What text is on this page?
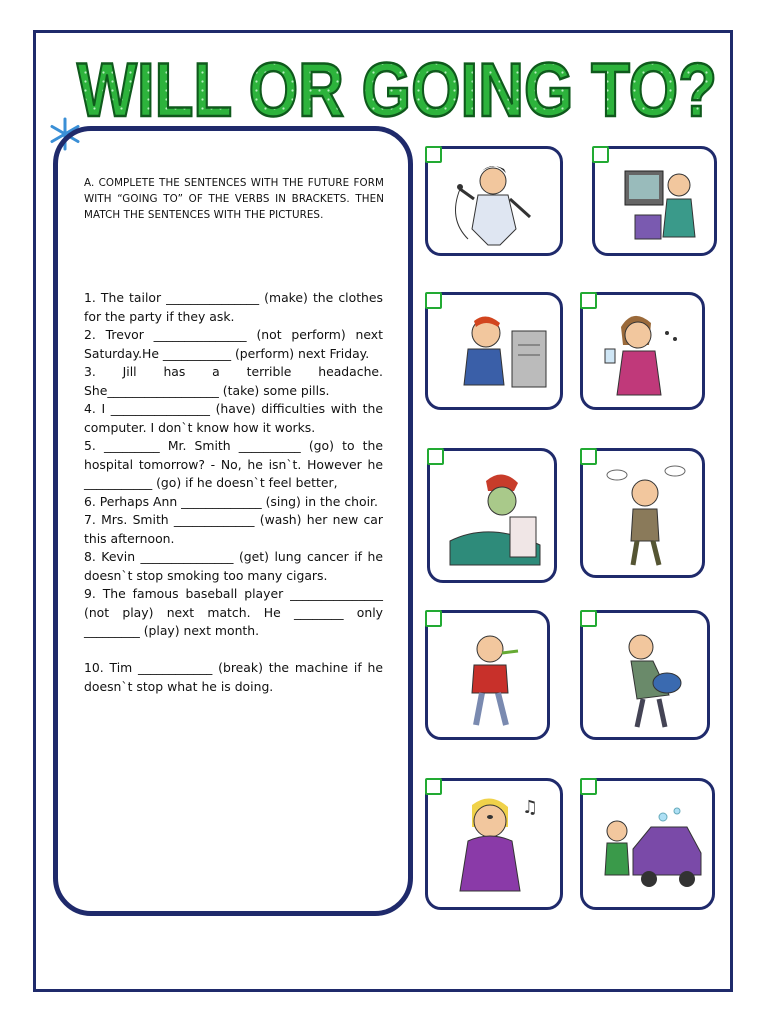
WILL OR GOING TO?
A. COMPLETE THE SENTENCES WITH THE FUTURE FORM WITH “GOING TO” OF THE VERBS IN BRACKETS. THEN MATCH THE SENTENCES WITH THE PICTURES.
1. The tailor _______________ (make) the clothes for the party if they ask.
2. Trevor _______________ (not perform) next Saturday.He ___________ (perform) next Friday.
3. Jill has a terrible headache. She__________________ (take) some pills.
4. I ________________ (have) difficulties with the computer. I don`t know how it works.
5. _________ Mr. Smith __________ (go) to the hospital tomorrow? - No, he isn`t. However he ___________ (go) if he doesn`t feel better,
6. Perhaps Ann _____________ (sing) in the choir.
7. Mrs. Smith _____________ (wash) her new car this afternoon.
8. Kevin _______________ (get) lung cancer if he doesn`t stop smoking too many cigars.
9. The famous baseball player _______________ (not play) next match. He ________ only _________ (play) next month.
10. Tim ____________ (break) the machine if he doesn`t stop what he is doing.
♫
